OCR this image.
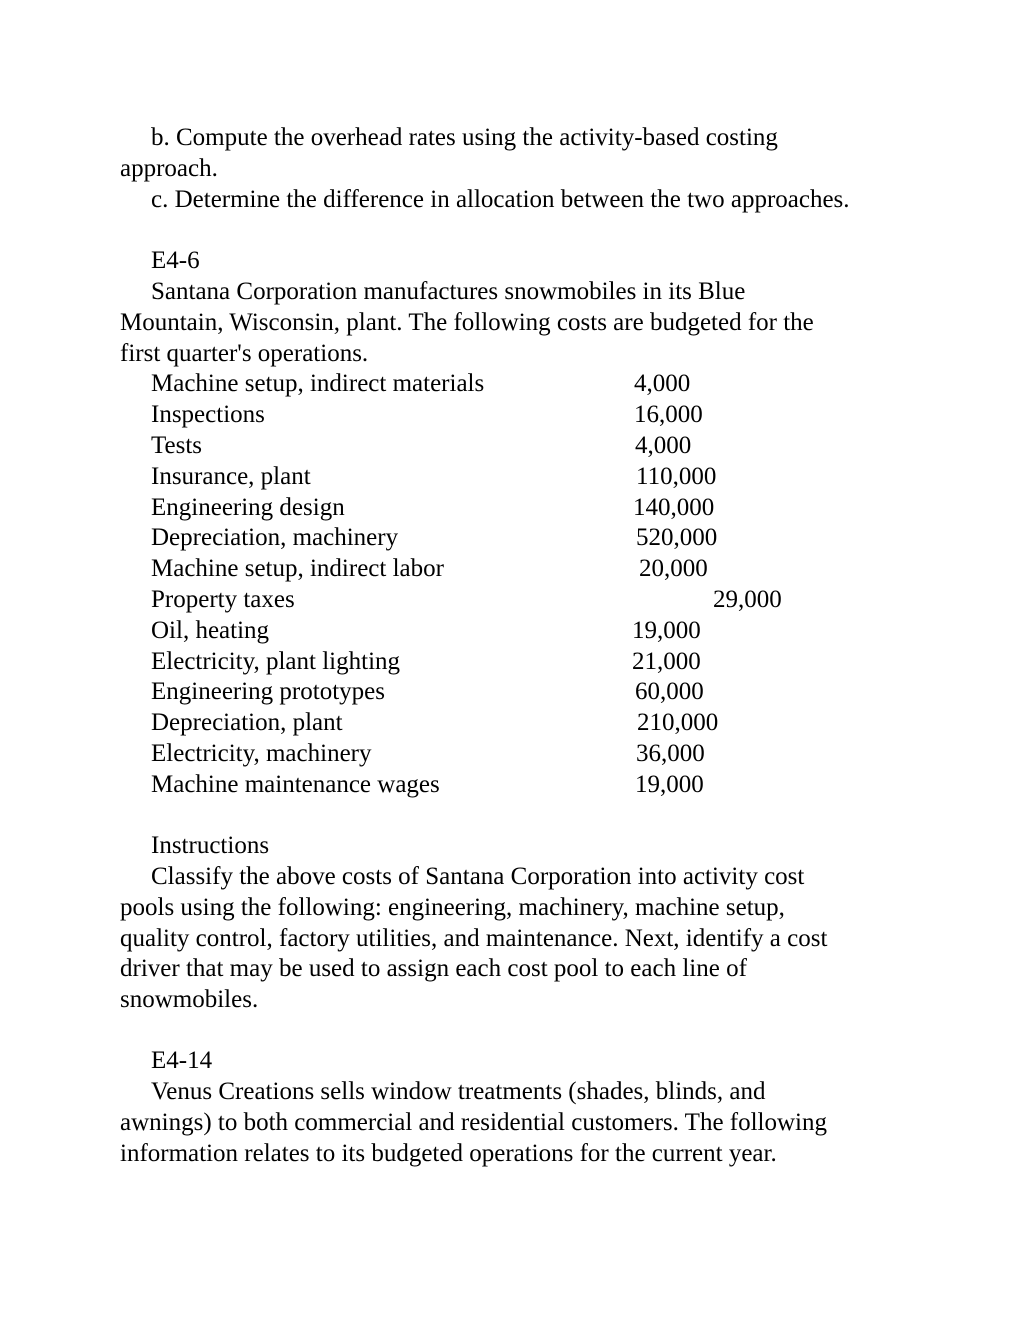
b. Compute the overhead rates using the activity-based costing
approach.
c. Determine the difference in allocation between the two approaches.
E4-6
Santana Corporation manufactures snowmobiles in its Blue
Mountain, Wisconsin, plant. The following costs are budgeted for the
first quarter's operations.
Machine setup, indirect materials	4,000
Inspections	16,000
Tests	4,000
Insurance, plant	110,000
Engineering design	140,000
Depreciation, machinery	520,000
Machine setup, indirect labor	20,000
Property taxes	29,000
Oil, heating	19,000
Electricity, plant lighting	21,000
Engineering prototypes	60,000
Depreciation, plant	210,000
Electricity, machinery	36,000
Machine maintenance wages	19,000
Instructions
Classify the above costs of Santana Corporation into activity cost
pools using the following: engineering, machinery, machine setup,
quality control, factory utilities, and maintenance. Next, identify a cost
driver that may be used to assign each cost pool to each line of
snowmobiles.
E4-14
Venus Creations sells window treatments (shades, blinds, and
awnings) to both commercial and residential customers. The following
information relates to its budgeted operations for the current year.
